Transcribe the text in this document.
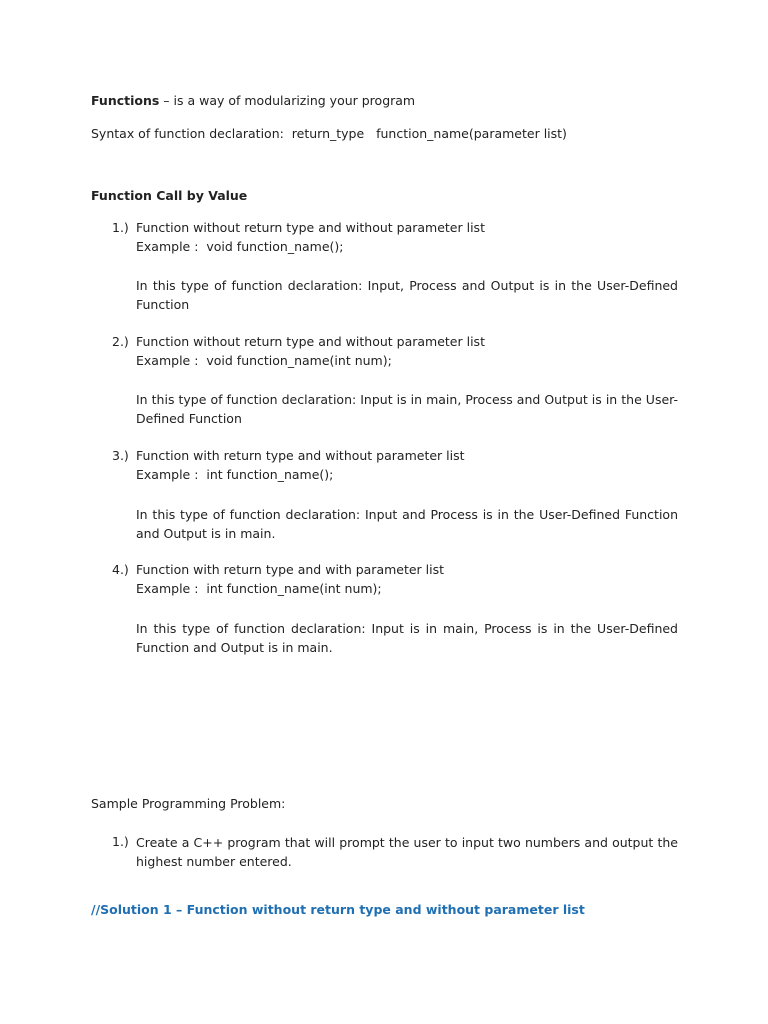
Functions – is a way of modularizing your program
Syntax of function declaration:  return_type   function_name(parameter list)
Function Call by Value
1.) Function without return type and without parameter list
Example :  void function_name();
In this type of function declaration: Input, Process and Output is in the User-Defined Function
2.) Function without return type and without parameter list
Example :  void function_name(int num);
In this type of function declaration: Input is in main, Process and Output is in the User-Defined Function
3.) Function with return type and without parameter list
Example :  int function_name();
In this type of function declaration: Input and Process is in the User-Defined Function and Output is in main.
4.) Function with return type and with parameter list
Example :  int function_name(int num);
In this type of function declaration: Input is in main, Process is in the User-Defined Function and Output is in main.
Sample Programming Problem:
1.) Create a C++ program that will prompt the user to input two numbers and output the highest number entered.
//Solution 1 – Function without return type and without parameter list
